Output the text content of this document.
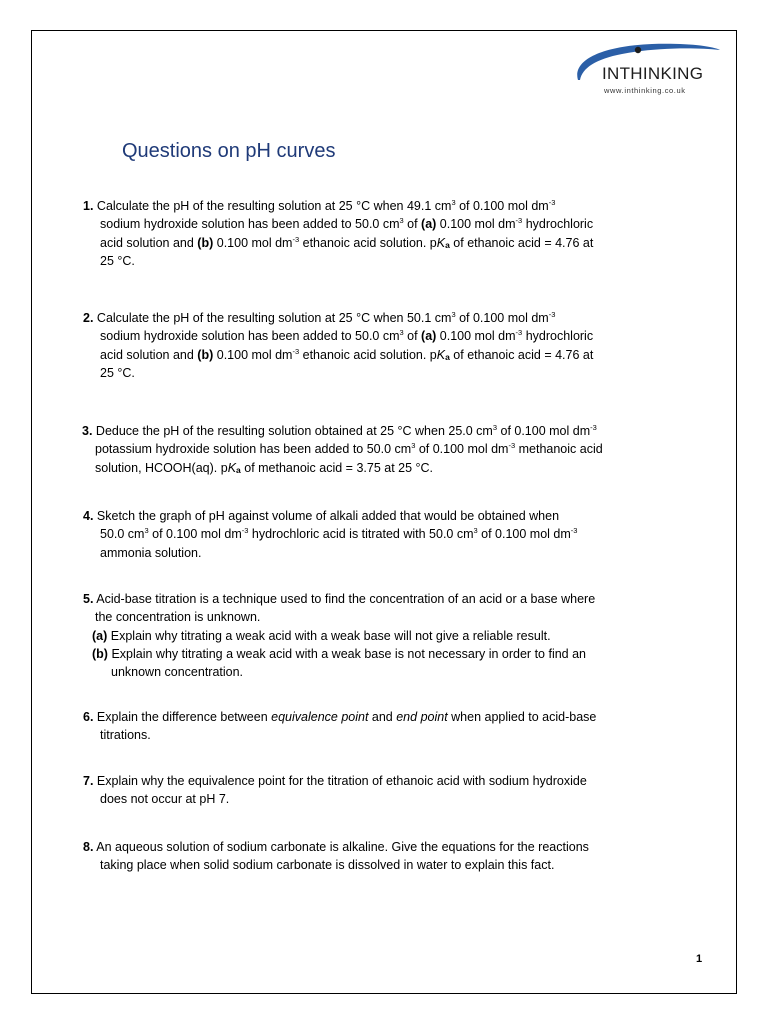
INTHINKING
www.inthinking.co.uk
Questions on pH curves
1. Calculate the pH of the resulting solution at 25 °C when 49.1 $cm^3$ of 0.100 mol $dm^{-3}$
sodium hydroxide solution has been added to 50.0 $cm^3$ of (a) 0.100 mol $dm^{-3}$ hydrochloric
acid solution and (b) 0.100 mol $dm^{-3}$ ethanoic acid solution. $pK_a$ of ethanoic acid = 4.76 at
25 °C.
2. Calculate the pH of the resulting solution at 25 °C when 50.1 $cm^3$ of 0.100 mol $dm^{-3}$
sodium hydroxide solution has been added to 50.0 $cm^3$ of (a) 0.100 mol $dm^{-3}$ hydrochloric
acid solution and (b) 0.100 mol $dm^{-3}$ ethanoic acid solution. $pK_a$ of ethanoic acid = 4.76 at
25 °C.
3. Deduce the pH of the resulting solution obtained at 25 °C when 25.0 $cm^3$ of 0.100 mol $dm^{-3}$
potassium hydroxide solution has been added to 50.0 $cm^3$ of 0.100 mol $dm^{-3}$ methanoic acid
solution, HCOOH(aq). $pK_a$ of methanoic acid = 3.75 at 25 °C.
4. Sketch the graph of pH against volume of alkali added that would be obtained when
50.0 $cm^3$ of 0.100 mol $dm^{-3}$ hydrochloric acid is titrated with 50.0 $cm^3$ of 0.100 mol $dm^{-3}$
ammonia solution.
5. Acid-base titration is a technique used to find the concentration of an acid or a base where
the concentration is unknown.
(a) Explain why titrating a weak acid with a weak base will not give a reliable result.
(b) Explain why titrating a weak acid with a weak base is not necessary in order to find an
unknown concentration.
6. Explain the difference between equivalence point and end point when applied to acid-base
titrations.
7. Explain why the equivalence point for the titration of ethanoic acid with sodium hydroxide
does not occur at pH 7.
8. An aqueous solution of sodium carbonate is alkaline. Give the equations for the reactions
taking place when solid sodium carbonate is dissolved in water to explain this fact.
1
